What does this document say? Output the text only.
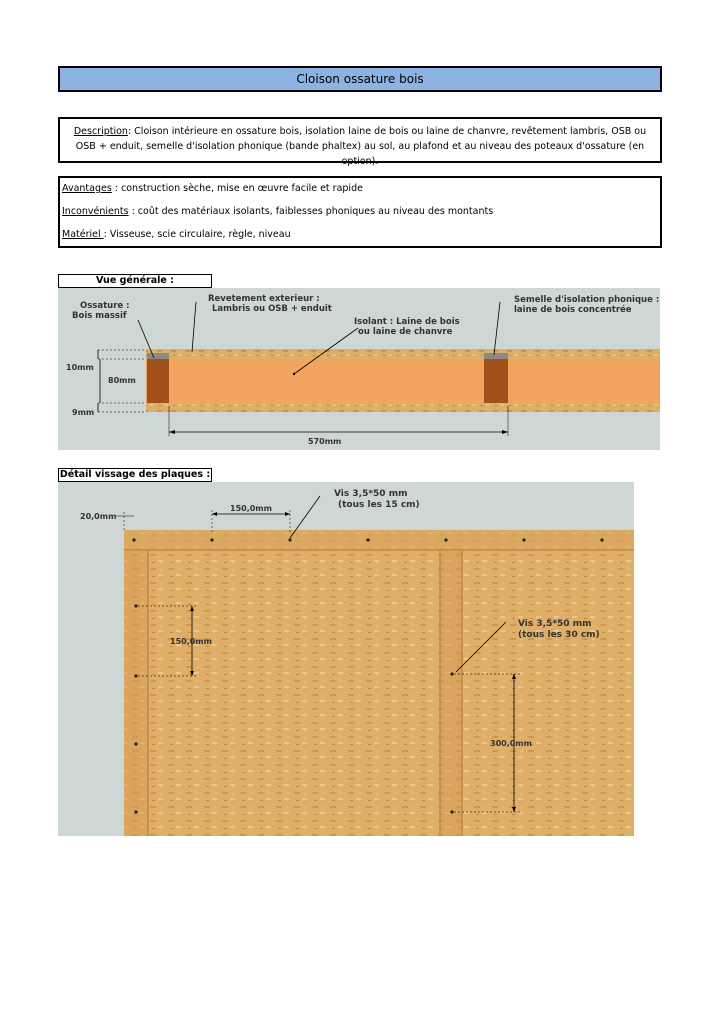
Cloison ossature bois
Description: Cloison intérieure en ossature bois, isolation laine de bois ou laine de chanvre, revêtement lambris, OSB ou OSB + enduit, semelle d'isolation phonique (bande phaltex) au sol, au plafond et au niveau des poteaux d'ossature (en option).

Avantages : construction sèche, mise en œuvre facile et rapide

Inconvénients : coût des matériaux isolants, faiblesses phoniques au niveau des montants

Matériel : Visseuse, scie circulaire, règle, niveau

Vue générale :
Ossature :
Bois massif
Revetement exterieur :
Lambris ou OSB + enduit
Isolant : Laine de bois
ou laine de chanvre
Semelle d'isolation phonique :
laine de bois concentrée
10mm
80mm
9mm
570mm
Détail vissage des plaques :
20,0mm
150,0mm
Vis 3,5*50 mm
(tous les 15 cm)
150,0mm
Vis 3,5*50 mm
(tous les 30 cm)
300,0mm
